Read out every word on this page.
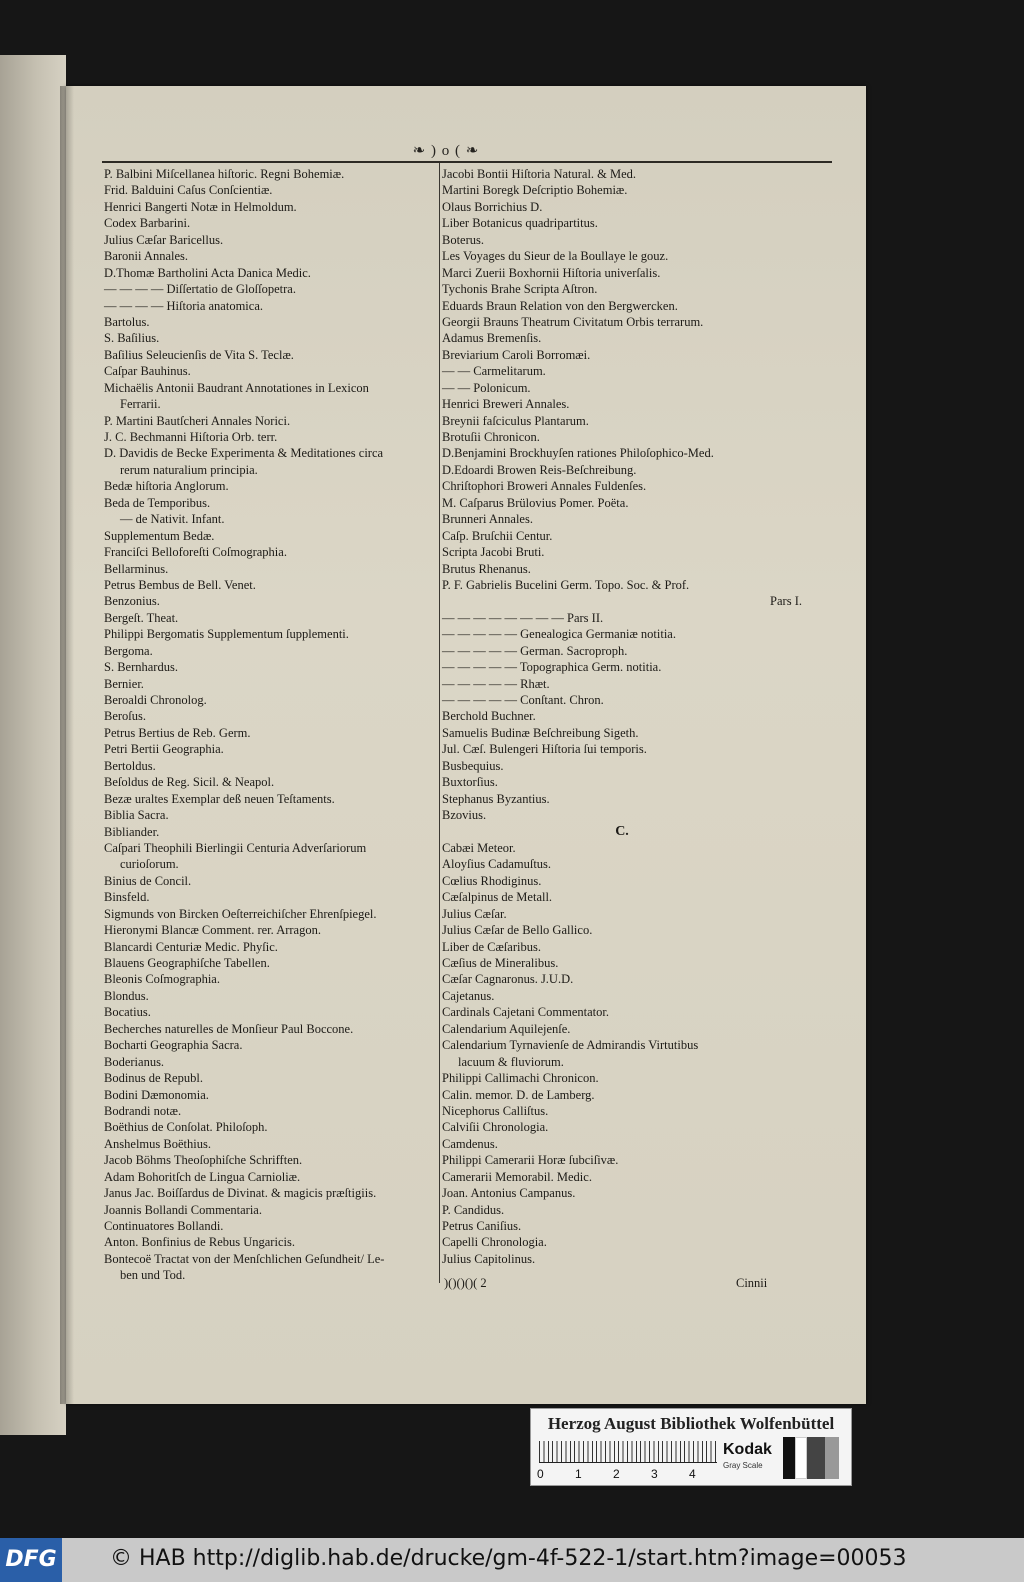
❧ ) o ( ❧
P. Balbini Miſcellanea hiſtoric. Regni Bohemiæ.
Frid. Balduini Caſus Conſcientiæ.
Henrici Bangerti Notæ in Helmoldum.
Codex Barbarini.
Julius Cæſar Baricellus.
Baronii Annales.
D.Thomæ Bartholini Acta Danica Medic.
— — — — Diſſertatio de Gloſſopetra.
— — — — Hiſtoria anatomica.
Bartolus.
S. Baſilius.
Baſilius Seleucienſis de Vita S. Teclæ.
Caſpar Bauhinus.
Michaëlis Antonii Baudrant Annotationes in Lexicon
Ferrarii.
P. Martini Bautſcheri Annales Norici.
J. C. Bechmanni Hiſtoria Orb. terr.
D. Davidis de Becke Experimenta & Meditationes circa
rerum naturalium principia.
Bedæ hiſtoria Anglorum.
Beda de Temporibus.
— de Nativit. Infant.
Supplementum Bedæ.
Franciſci Belloforeſti Coſmographia.
Bellarminus.
Petrus Bembus de Bell. Venet.
Benzonius.
Bergeſt. Theat.
Philippi Bergomatis Supplementum ſupplementi.
Bergoma.
S. Bernhardus.
Bernier.
Beroaldi Chronolog.
Beroſus.
Petrus Bertius de Reb. Germ.
Petri Bertii Geographia.
Bertoldus.
Beſoldus de Reg. Sicil. & Neapol.
Bezæ uraltes Exemplar deß neuen Teſtaments.
Biblia Sacra.
Bibliander.
Caſpari Theophili Bierlingii Centuria Adverſariorum
curioſorum.
Binius de Concil.
Binsfeld.
Sigmunds von Bircken Oeſterreichiſcher Ehrenſpiegel.
Hieronymi Blancæ Comment. rer. Arragon.
Blancardi Centuriæ Medic. Phyſic.
Blauens Geographiſche Tabellen.
Bleonis Coſmographia.
Blondus.
Bocatius.
Becherches naturelles de Monſieur Paul Boccone.
Bocharti Geographia Sacra.
Boderianus.
Bodinus de Republ.
Bodini Dæmonomia.
Bodrandi notæ.
Boëthius de Conſolat. Philoſoph.
Anshelmus Boëthius.
Jacob Böhms Theoſophiſche Schrifften.
Adam Bohoritſch de Lingua Carnioliæ.
Janus Jac. Boiſſardus de Divinat. & magicis præſtigiis.
Joannis Bollandi Commentaria.
Continuatores Bollandi.
Anton. Bonfinius de Rebus Ungaricis.
Bontecoë Tractat von der Menſchlichen Geſundheit/ Le-
ben und Tod.
Jacobi Bontii Hiſtoria Natural. & Med.
Martini Boregk Deſcriptio Bohemiæ.
Olaus Borrichius D.
Liber Botanicus quadripartitus.
Boterus.
Les Voyages du Sieur de la Boullaye le gouz.
Marci Zuerii Boxhornii Hiſtoria univerſalis.
Tychonis Brahe Scripta Aſtron.
Eduards Braun Relation von den Bergwercken.
Georgii Brauns Theatrum Civitatum Orbis terrarum.
Adamus Bremenſis.
Breviarium Caroli Borromæi.
— — Carmelitarum.
— — Polonicum.
Henrici Breweri Annales.
Breynii faſciculus Plantarum.
Brotuſii Chronicon.
D.Benjamini Brockhuyſen rationes Philoſophico-Med.
D.Edoardi Browen Reis-Beſchreibung.
Chriſtophori Broweri Annales Fuldenſes.
M. Caſparus Brülovius Pomer. Poëta.
Brunneri Annales.
Caſp. Bruſchii Centur.
Scripta Jacobi Bruti.
Brutus Rhenanus.
P. F. Gabrielis Bucelini Germ. Topo. Soc. & Prof.
Pars I.
— — — — — — — — Pars II.
— — — — — Genealogica Germaniæ notitia.
— — — — — German. Sacroproph.
— — — — — Topographica Germ. notitia.
— — — — — Rhæt.
— — — — — Conſtant. Chron.
Berchold Buchner.
Samuelis Budinæ Beſchreibung Sigeth.
Jul. Cæſ. Bulengeri Hiſtoria ſui temporis.
Busbequius.
Buxtorſius.
Stephanus Byzantius.
Bzovius.
C.
Cabæi Meteor.
Aloyſius Cadamuſtus.
Cœlius Rhodiginus.
Cæſalpinus de Metall.
Julius Cæſar.
Julius Cæſar de Bello Gallico.
Liber de Cæſaribus.
Cæſius de Mineralibus.
Cæſar Cagnaronus. J.U.D.
Cajetanus.
Cardinals Cajetani Commentator.
Calendarium Aquilejenſe.
Calendarium Tyrnavienſe de Admirandis Virtutibus
lacuum & fluviorum.
Philippi Callimachi Chronicon.
Calin. memor. D. de Lamberg.
Nicephorus Calliſtus.
Calviſii Chronologia.
Camdenus.
Philippi Camerarii Horæ ſubciſivæ.
Camerarii Memorabil. Medic.
Joan. Antonius Campanus.
P. Candidus.
Petrus Caniſius.
Capelli Chronologia.
Julius Capitolinus.
)()()()( 2	Cinnii
Herzog August Bibliothek Wolfenbüttel
0	1	2	3	4
Kodak
Gray Scale
DFG © HAB http://diglib.hab.de/drucke/gm-4f-522-1/start.htm?image=00053
